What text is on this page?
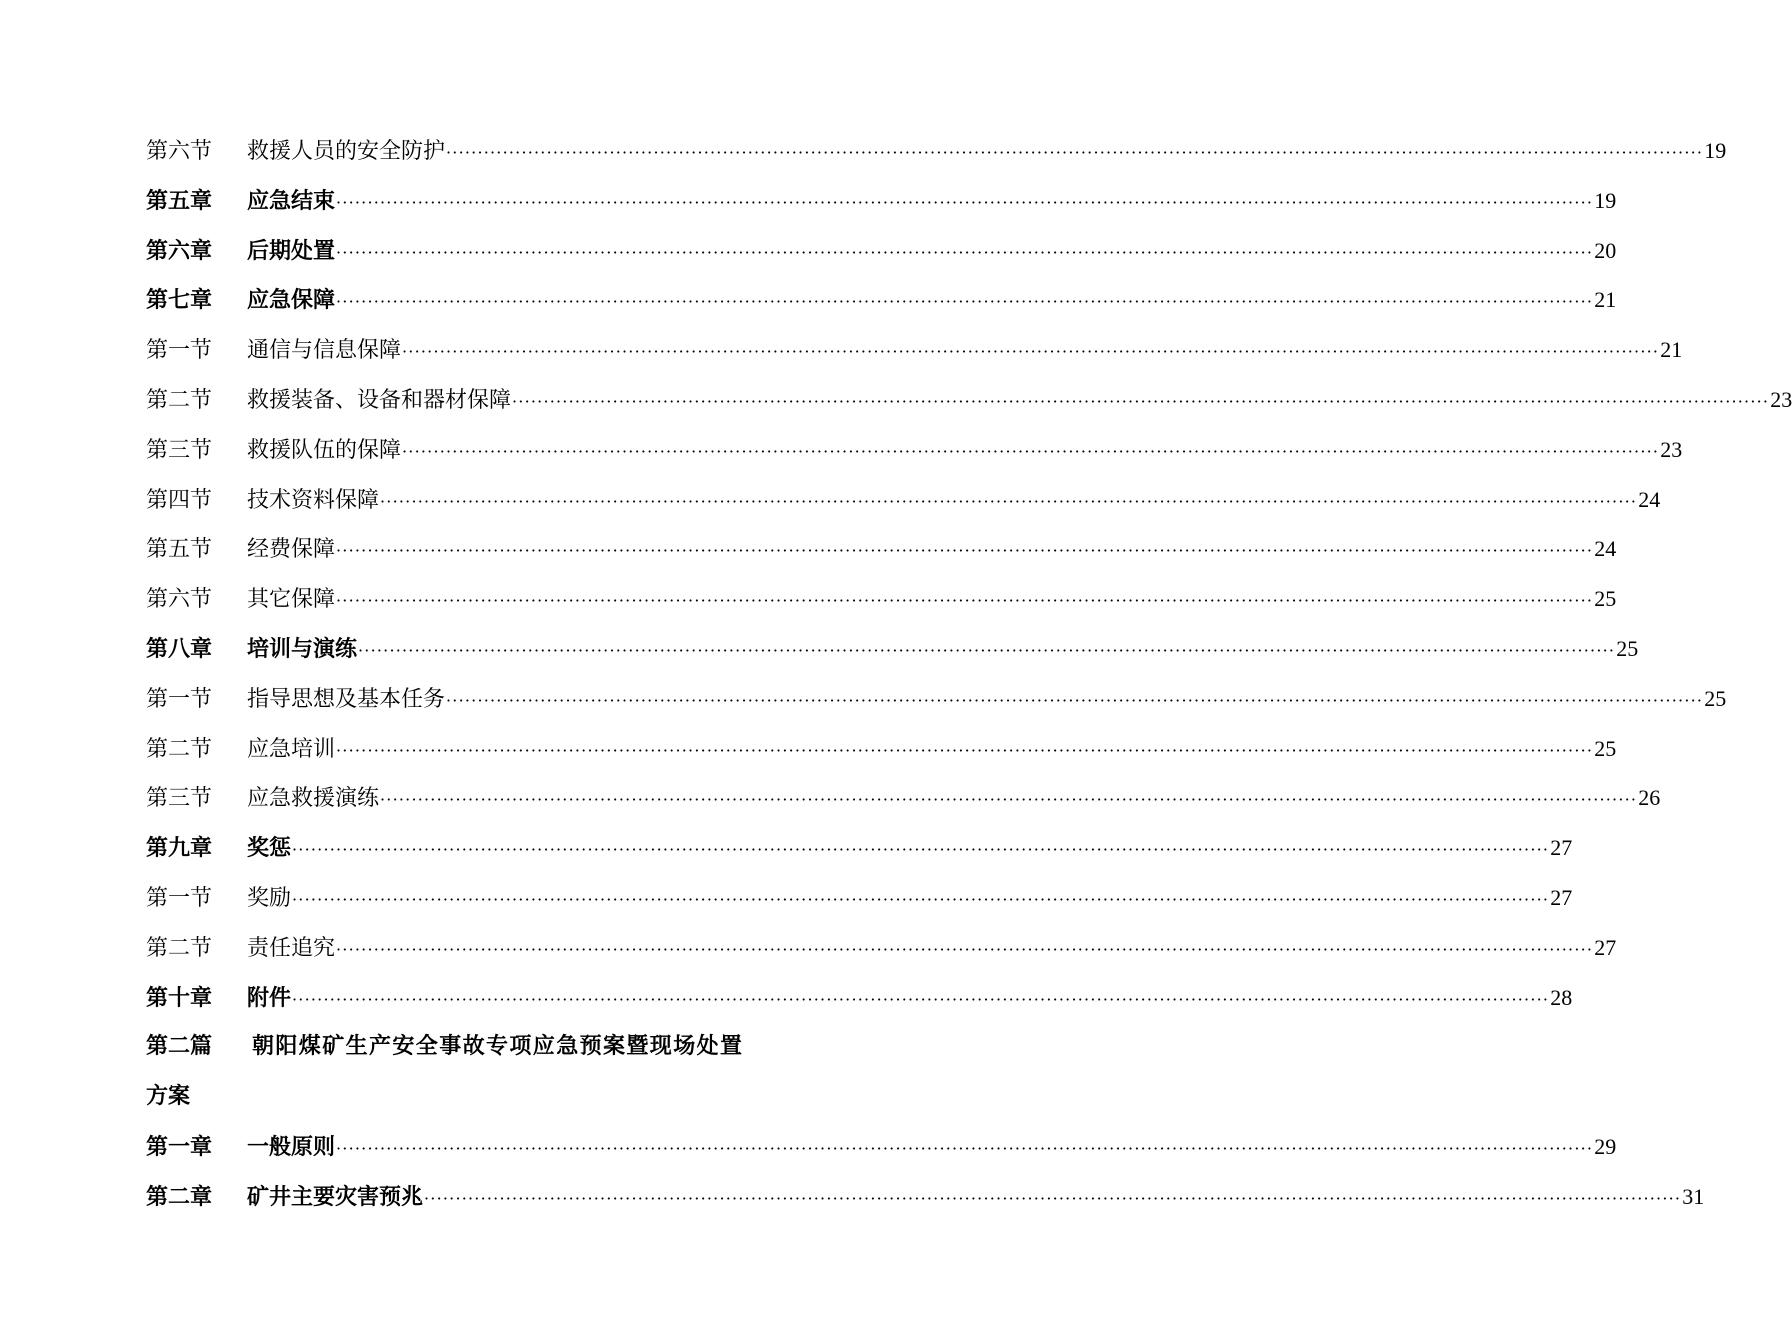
第六节	救援人员的安全防护 ········································································································································································································ 19
第五章	应急结束 ········································································································································································································ 19
第六章	后期处置 ········································································································································································································ 20
第七章	应急保障 ········································································································································································································ 21
第一节	通信与信息保障 ········································································································································································································ 21
第二节	救援装备、设备和器材保障 ········································································································································································································ 23
第三节	救援队伍的保障 ········································································································································································································ 23
第四节	技术资料保障 ········································································································································································································ 24
第五节	经费保障 ········································································································································································································ 24
第六节	其它保障 ········································································································································································································ 25
第八章	培训与演练 ········································································································································································································ 25
第一节	指导思想及基本任务 ········································································································································································································ 25
第二节	应急培训 ········································································································································································································ 25
第三节	应急救援演练 ········································································································································································································ 26
第九章	奖惩 ········································································································································································································ 27
第一节	奖励 ········································································································································································································ 27
第二节	责任追究 ········································································································································································································ 27
第十章	附件 ········································································································································································································ 28
第二篇	朝阳煤矿生产安全事故专项应急预案暨现场处置
方案
第一章	一般原则 ········································································································································································································ 29
第二章	矿井主要灾害预兆 ········································································································································································································ 31
